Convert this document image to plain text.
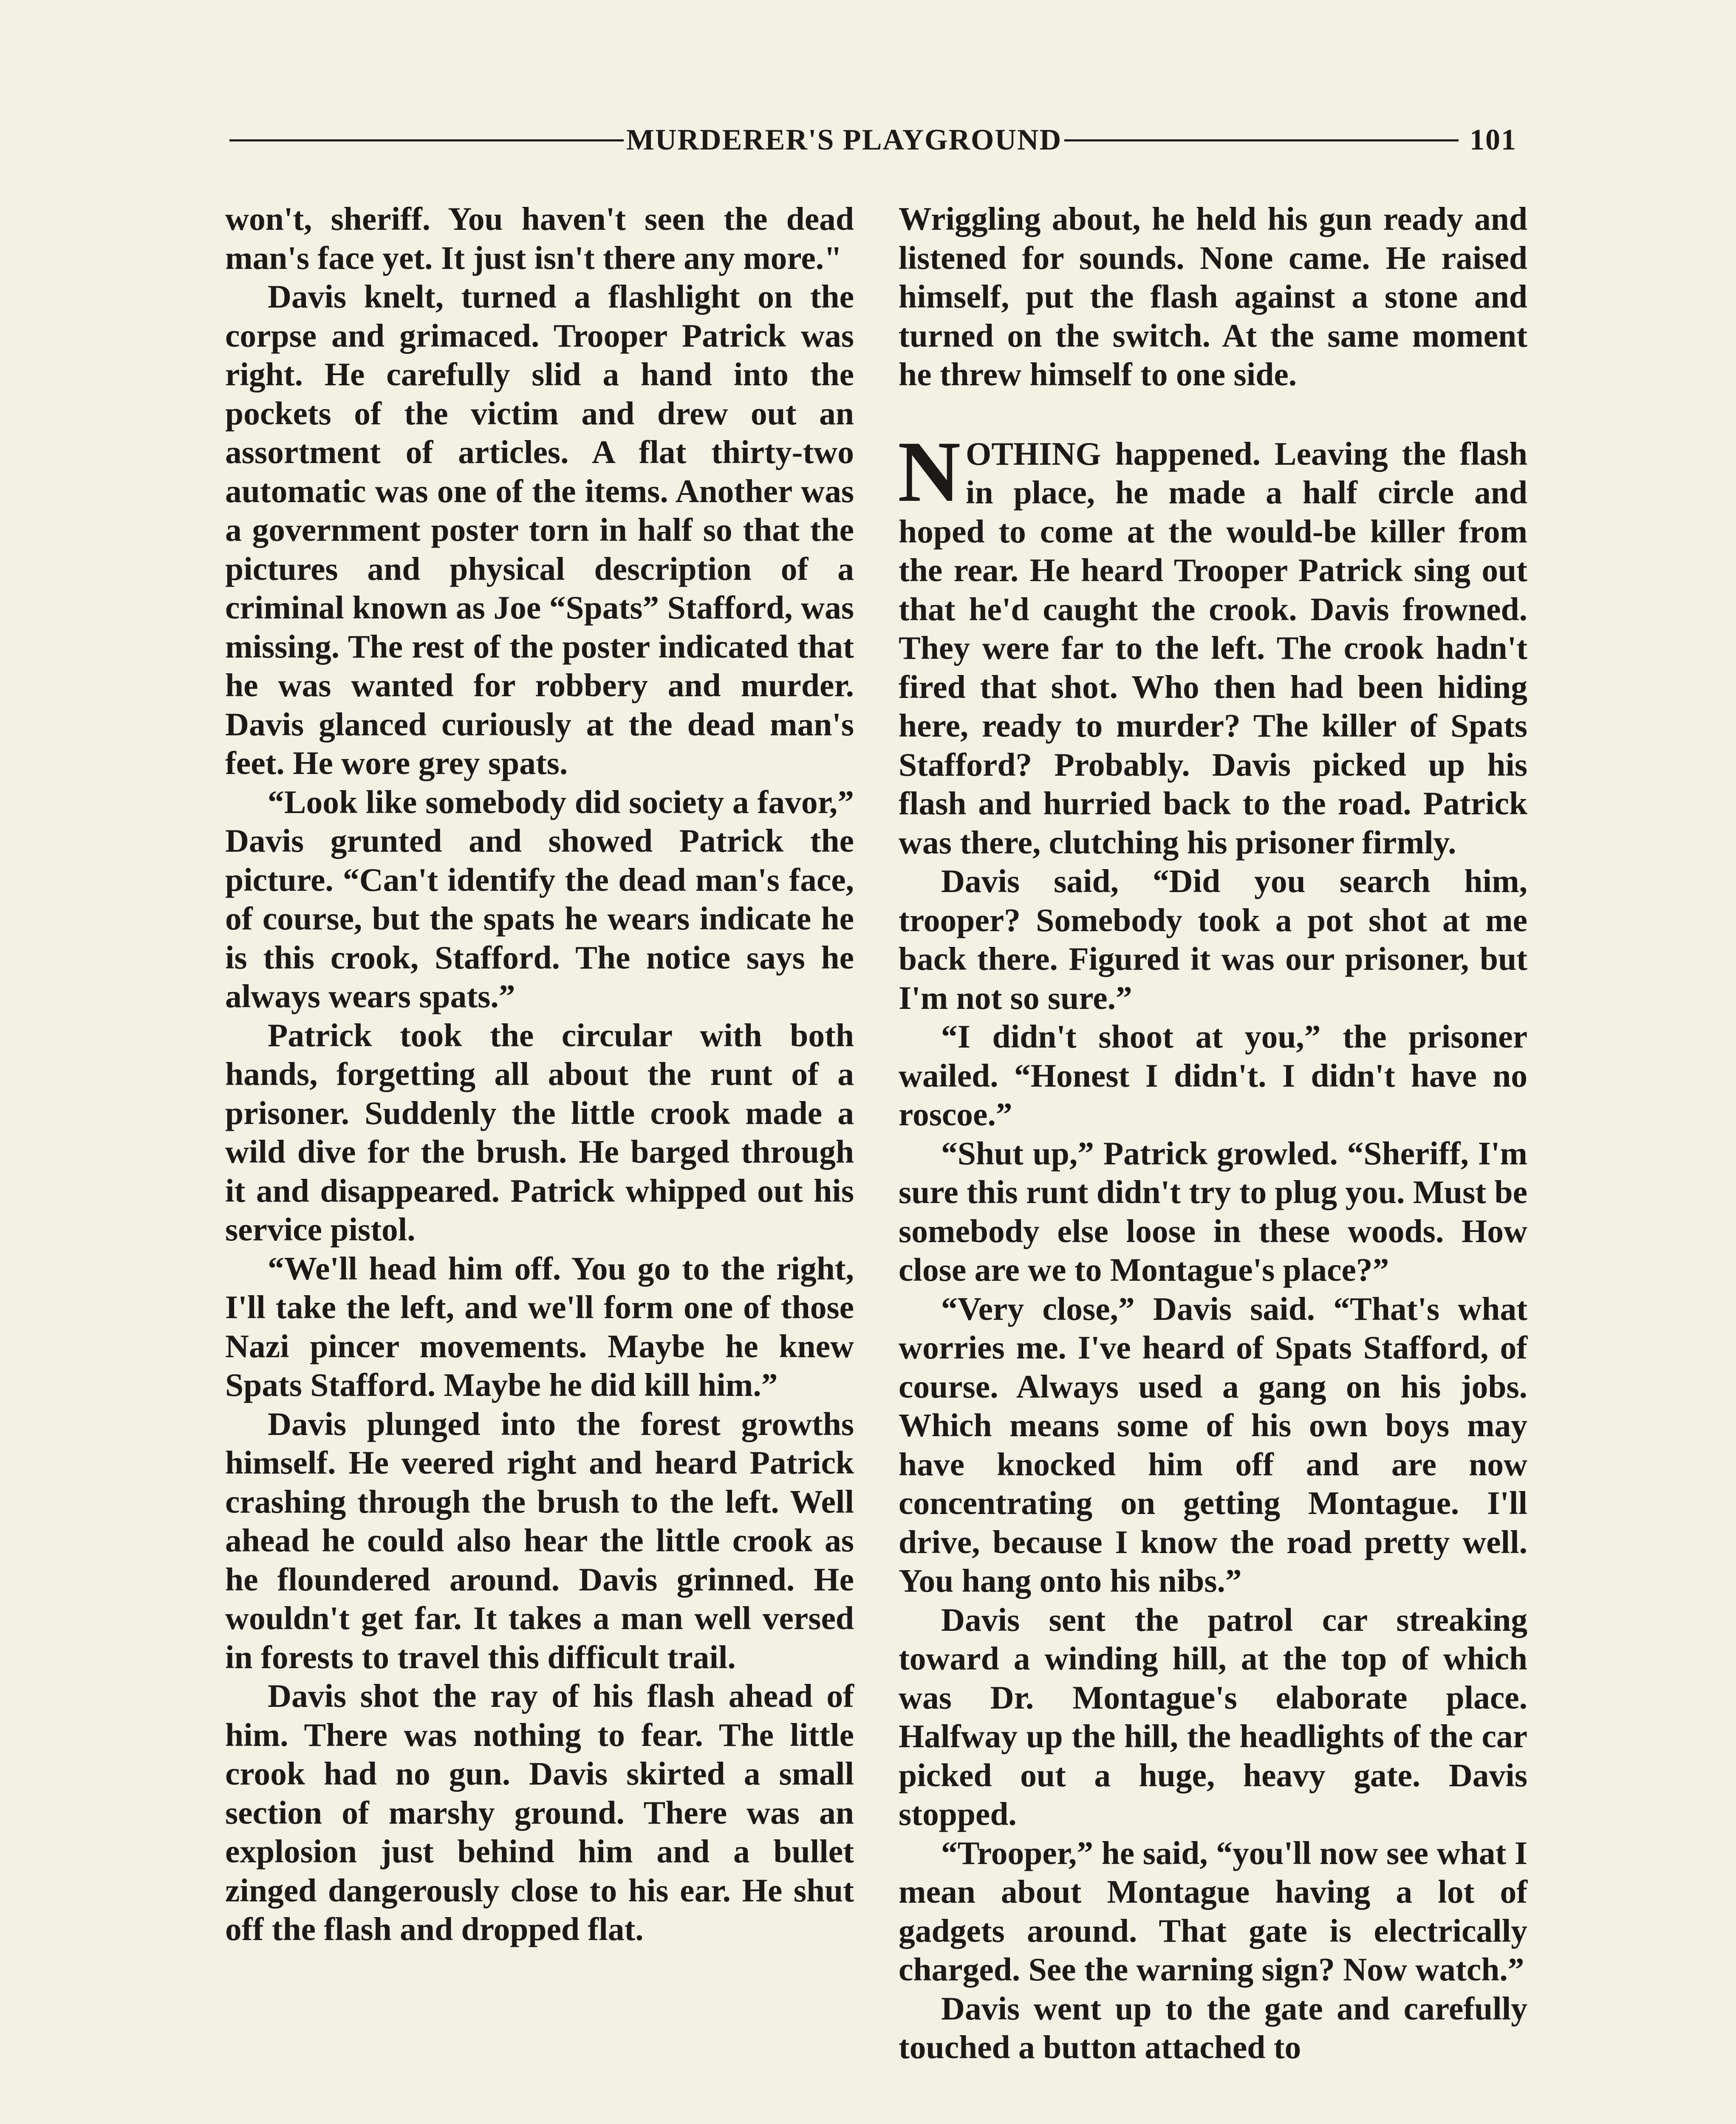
MURDERER'S PLAYGROUND	101

won't, sheriff. You haven't seen the dead man's face yet. It just isn't there any more."

Davis knelt, turned a flashlight on the corpse and grimaced. Trooper Patrick was right. He carefully slid a hand into the pockets of the victim and drew out an assortment of articles. A flat thirty-two automatic was one of the items. Another was a government poster torn in half so that the pictures and physical description of a criminal known as Joe “Spats” Stafford, was missing. The rest of the poster indicated that he was wanted for robbery and murder. Davis glanced curiously at the dead man's feet. He wore grey spats.

“Look like somebody did society a favor,” Davis grunted and showed Patrick the picture. “Can't identify the dead man's face, of course, but the spats he wears indicate he is this crook, Stafford. The notice says he always wears spats.”

Patrick took the circular with both hands, forgetting all about the runt of a prisoner. Suddenly the little crook made a wild dive for the brush. He barged through it and disappeared. Patrick whipped out his service pistol.

“We'll head him off. You go to the right, I'll take the left, and we'll form one of those Nazi pincer movements. Maybe he knew Spats Stafford. Maybe he did kill him.”

Davis plunged into the forest growths himself. He veered right and heard Patrick crashing through the brush to the left. Well ahead he could also hear the little crook as he floundered around. Davis grinned. He wouldn't get far. It takes a man well versed in forests to travel this difficult trail.

Davis shot the ray of his flash ahead of him. There was nothing to fear. The little crook had no gun. Davis skirted a small section of marshy ground. There was an explosion just behind him and a bullet zinged dangerously close to his ear. He shut off the flash and dropped flat.

Wriggling about, he held his gun ready and listened for sounds. None came. He raised himself, put the flash against a stone and turned on the switch. At the same moment he threw himself to one side.

NOTHING happened. Leaving the flash in place, he made a half circle and hoped to come at the would-be killer from the rear. He heard Trooper Patrick sing out that he'd caught the crook. Davis frowned. They were far to the left. The crook hadn't fired that shot. Who then had been hiding here, ready to murder? The killer of Spats Stafford? Probably. Davis picked up his flash and hurried back to the road. Patrick was there, clutching his prisoner firmly.

Davis said, “Did you search him, trooper? Somebody took a pot shot at me back there. Figured it was our prisoner, but I'm not so sure.”

“I didn't shoot at you,” the prisoner wailed. “Honest I didn't. I didn't have no roscoe.”

“Shut up,” Patrick growled. “Sheriff, I'm sure this runt didn't try to plug you. Must be somebody else loose in these woods. How close are we to Montague's place?”

“Very close,” Davis said. “That's what worries me. I've heard of Spats Stafford, of course. Always used a gang on his jobs. Which means some of his own boys may have knocked him off and are now concentrating on getting Montague. I'll drive, because I know the road pretty well. You hang onto his nibs.”

Davis sent the patrol car streaking toward a winding hill, at the top of which was Dr. Montague's elaborate place. Halfway up the hill, the headlights of the car picked out a huge, heavy gate. Davis stopped.

“Trooper,” he said, “you'll now see what I mean about Montague having a lot of gadgets around. That gate is electrically charged. See the warning sign? Now watch.”

Davis went up to the gate and carefully touched a button attached to
